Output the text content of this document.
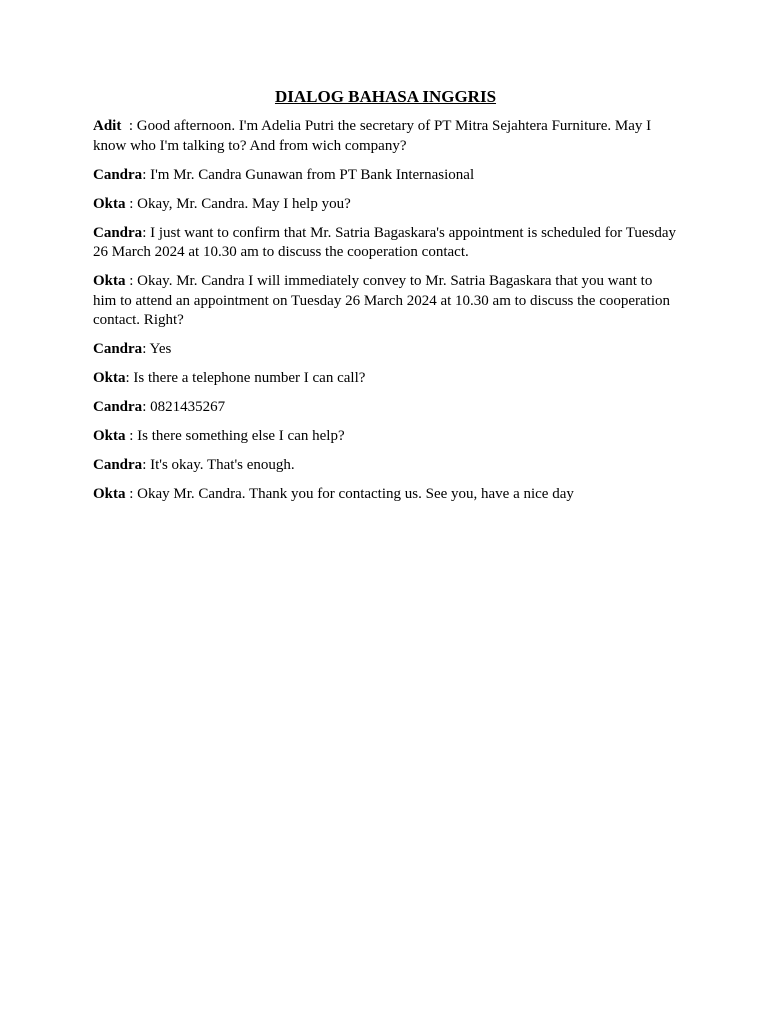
DIALOG BAHASA INGGRIS

Adit  : Good afternoon. I'm Adelia Putri the secretary of PT Mitra Sejahtera Furniture. May I know who I'm talking to? And from wich company?

Candra: I'm Mr. Candra Gunawan from PT Bank Internasional

Okta : Okay, Mr. Candra. May I help you?

Candra: I just want to confirm that Mr. Satria Bagaskara's appointment is scheduled for Tuesday 26 March 2024 at 10.30 am to discuss the cooperation contact.

Okta : Okay. Mr. Candra I will immediately convey to Mr. Satria Bagaskara that you want to him to attend an appointment on Tuesday 26 March 2024 at 10.30 am to discuss the cooperation contact. Right?

Candra: Yes

Okta: Is there a telephone number I can call?

Candra: 0821435267

Okta : Is there something else I can help?

Candra: It's okay. That's enough.

Okta : Okay Mr. Candra. Thank you for contacting us. See you, have a nice day
